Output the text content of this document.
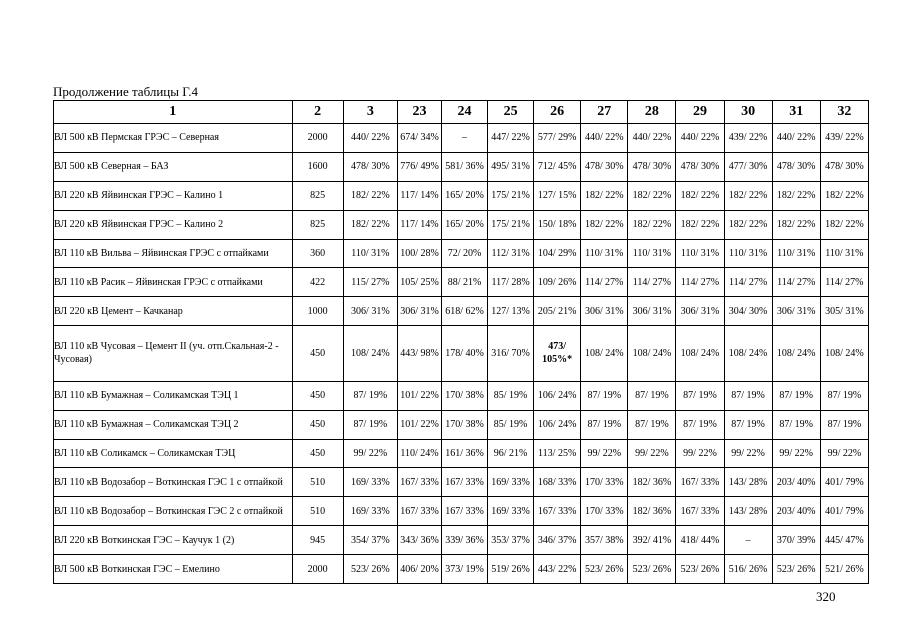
Продолжение таблицы Г.4
1	2	3	23	24	25	26	27	28	29	30	31	32
ВЛ 500 кВ Пермская ГРЭС – Северная	2000	440/ 22%	674/ 34%	–	447/ 22%	577/ 29%	440/ 22%	440/ 22%	440/ 22%	439/ 22%	440/ 22%	439/ 22%
ВЛ 500 кВ Северная – БАЗ	1600	478/ 30%	776/ 49%	581/ 36%	495/ 31%	712/ 45%	478/ 30%	478/ 30%	478/ 30%	477/ 30%	478/ 30%	478/ 30%
ВЛ 220 кВ Яйвинская ГРЭС – Калино 1	825	182/ 22%	117/ 14%	165/ 20%	175/ 21%	127/ 15%	182/ 22%	182/ 22%	182/ 22%	182/ 22%	182/ 22%	182/ 22%
ВЛ 220 кВ Яйвинская ГРЭС – Калино 2	825	182/ 22%	117/ 14%	165/ 20%	175/ 21%	150/ 18%	182/ 22%	182/ 22%	182/ 22%	182/ 22%	182/ 22%	182/ 22%
ВЛ 110 кВ Вильва – Яйвинская ГРЭС с отпайками	360	110/ 31%	100/ 28%	72/ 20%	112/ 31%	104/ 29%	110/ 31%	110/ 31%	110/ 31%	110/ 31%	110/ 31%	110/ 31%
ВЛ 110 кВ Расик – Яйвинская ГРЭС с отпайками	422	115/ 27%	105/ 25%	88/ 21%	117/ 28%	109/ 26%	114/ 27%	114/ 27%	114/ 27%	114/ 27%	114/ 27%	114/ 27%
ВЛ 220 кВ Цемент – Качканар	1000	306/ 31%	306/ 31%	618/ 62%	127/ 13%	205/ 21%	306/ 31%	306/ 31%	306/ 31%	304/ 30%	306/ 31%	305/ 31%
ВЛ 110 кВ Чусовая – Цемент II (уч. отп.Скальная-2 - Чусовая)	450	108/ 24%	443/ 98%	178/ 40%	316/ 70%	473/ 105%*	108/ 24%	108/ 24%	108/ 24%	108/ 24%	108/ 24%	108/ 24%
ВЛ 110 кВ Бумажная – Соликамская ТЭЦ 1	450	87/ 19%	101/ 22%	170/ 38%	85/ 19%	106/ 24%	87/ 19%	87/ 19%	87/ 19%	87/ 19%	87/ 19%	87/ 19%
ВЛ 110 кВ Бумажная – Соликамская ТЭЦ 2	450	87/ 19%	101/ 22%	170/ 38%	85/ 19%	106/ 24%	87/ 19%	87/ 19%	87/ 19%	87/ 19%	87/ 19%	87/ 19%
ВЛ 110 кВ Соликамск – Соликамская ТЭЦ	450	99/ 22%	110/ 24%	161/ 36%	96/ 21%	113/ 25%	99/ 22%	99/ 22%	99/ 22%	99/ 22%	99/ 22%	99/ 22%
ВЛ 110 кВ Водозабор – Воткинская ГЭС 1 с отпайкой	510	169/ 33%	167/ 33%	167/ 33%	169/ 33%	168/ 33%	170/ 33%	182/ 36%	167/ 33%	143/ 28%	203/ 40%	401/ 79%
ВЛ 110 кВ Водозабор – Воткинская ГЭС 2 с отпайкой	510	169/ 33%	167/ 33%	167/ 33%	169/ 33%	167/ 33%	170/ 33%	182/ 36%	167/ 33%	143/ 28%	203/ 40%	401/ 79%
ВЛ 220 кВ Воткинская ГЭС – Каучук 1 (2)	945	354/ 37%	343/ 36%	339/ 36%	353/ 37%	346/ 37%	357/ 38%	392/ 41%	418/ 44%	–	370/ 39%	445/ 47%
ВЛ 500 кВ Воткинская ГЭС – Емелино	2000	523/ 26%	406/ 20%	373/ 19%	519/ 26%	443/ 22%	523/ 26%	523/ 26%	523/ 26%	516/ 26%	523/ 26%	521/ 26%
320
